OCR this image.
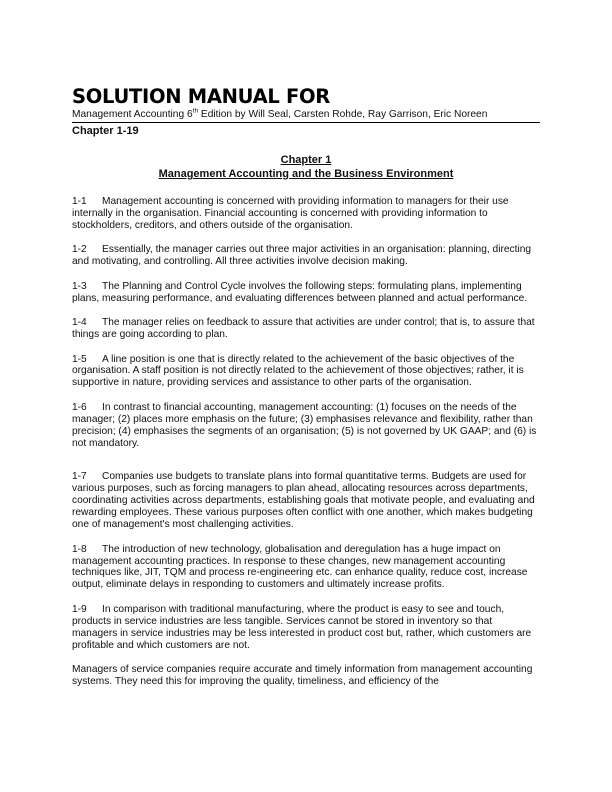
SOLUTION MANUAL FOR

Management Accounting 6th Edition by Will Seal, Carsten Rohde, Ray Garrison, Eric Noreen

Chapter 1-19

Chapter 1

Management Accounting and the Business Environment

1-1 Management accounting is concerned with providing information to managers for their use internally in the organisation. Financial accounting is concerned with providing information to stockholders, creditors, and others outside of the organisation.

1-2 Essentially, the manager carries out three major activities in an organisation: planning, directing and motivating, and controlling. All three activities involve decision making.

1-3 The Planning and Control Cycle involves the following steps: formulating plans, implementing plans, measuring performance, and evaluating differences between planned and actual performance.

1-4 The manager relies on feedback to assure that activities are under control; that is, to assure that things are going according to plan.

1-5 A line position is one that is directly related to the achievement of the basic objectives of the organisation. A staff position is not directly related to the achievement of those objectives; rather, it is supportive in nature, providing services and assistance to other parts of the organisation.

1-6 In contrast to financial accounting, management accounting: (1) focuses on the needs of the manager; (2) places more emphasis on the future; (3) emphasises relevance and flexibility, rather than precision; (4) emphasises the segments of an organisation; (5) is not governed by UK GAAP; and (6) is not mandatory.

1-7 Companies use budgets to translate plans into formal quantitative terms. Budgets are used for various purposes, such as forcing managers to plan ahead, allocating resources across departments, coordinating activities across departments, establishing goals that motivate people, and evaluating and rewarding employees. These various purposes often conflict with one another, which makes budgeting one of management's most challenging activities.

1-8 The introduction of new technology, globalisation and deregulation has a huge impact on management accounting practices. In response to these changes, new management accounting techniques like, JIT, TQM and process re-engineering etc. can enhance quality, reduce cost, increase output, eliminate delays in responding to customers and ultimately increase profits.

1-9 In comparison with traditional manufacturing, where the product is easy to see and touch, products in service industries are less tangible. Services cannot be stored in inventory so that managers in service industries may be less interested in product cost but, rather, which customers are profitable and which customers are not.

Managers of service companies require accurate and timely information from management accounting systems. They need this for improving the quality, timeliness, and efficiency of the
